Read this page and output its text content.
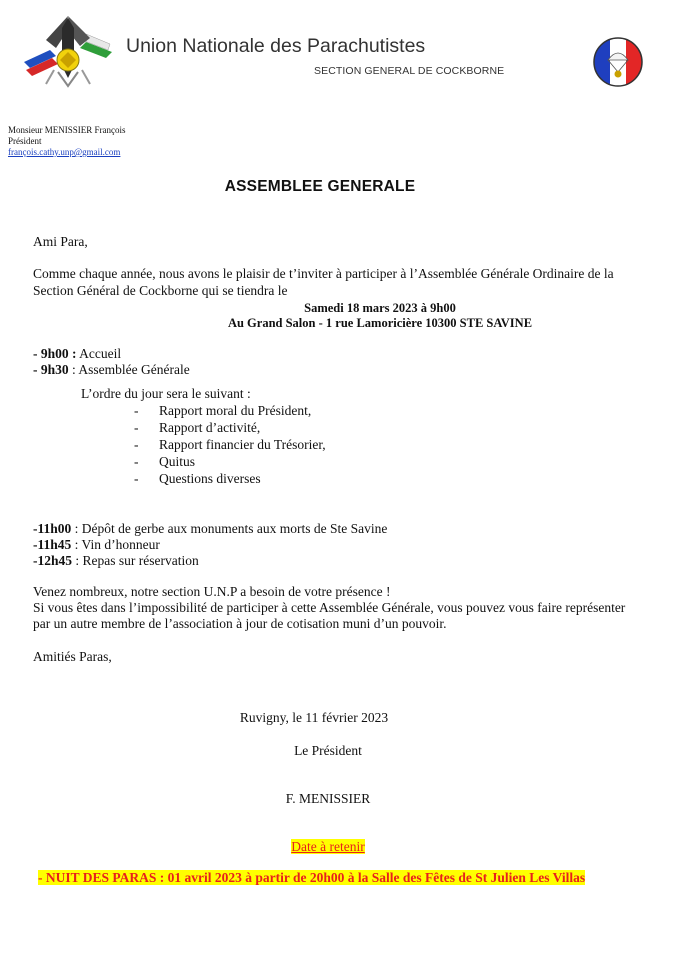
Union Nationale des Parachutistes
SECTION GENERAL DE COCKBORNE
Monsieur MENISSIER François
Président
françois.cathy.unp@gmail.com
ASSEMBLEE GENERALE
Ami Para,
Comme chaque année, nous avons le plaisir de t’inviter à participer à l’Assemblée Générale Ordinaire de la
Section Général de Cockborne qui se tiendra le
Samedi 18 mars 2023 à 9h00
Au Grand Salon - 1 rue Lamoricière 10300 STE SAVINE
- 9h00 : Accueil
- 9h30 : Assemblée Générale
L’ordre du jour sera le suivant :
- Rapport moral du Président,
- Rapport d’activité,
- Rapport financier du Trésorier,
- Quitus
- Questions diverses
-11h00 : Dépôt de gerbe aux monuments aux morts de Ste Savine
-11h45 : Vin d’honneur
-12h45 : Repas sur réservation
Venez nombreux, notre section U.N.P a besoin de votre présence !
Si vous êtes dans l’impossibilité de participer à cette Assemblée Générale, vous pouvez vous faire représenter
par un autre membre de l’association à jour de cotisation muni d’un pouvoir.
Amitiés Paras,
Ruvigny, le 11 février 2023
Le Président
F. MENISSIER
Date à retenir
- NUIT DES PARAS : 01 avril 2023 à partir de 20h00 à la Salle des Fêtes de St Julien Les Villas
